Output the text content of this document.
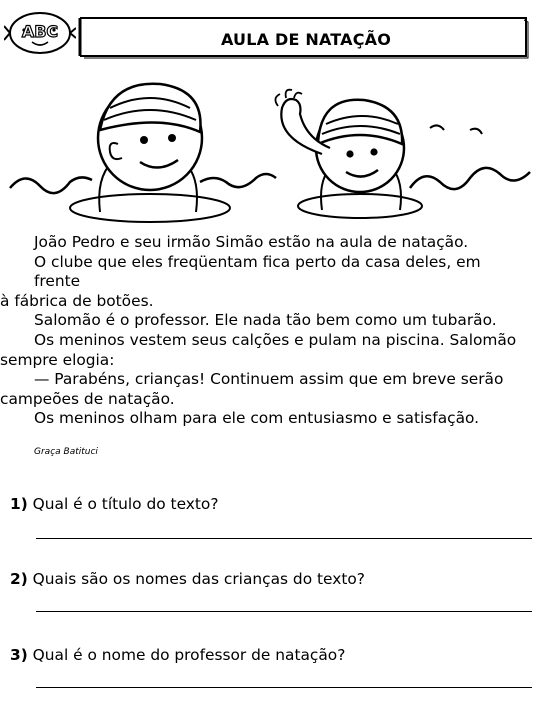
ABC	AULA DE NATAÇÃO

João Pedro e seu irmão Simão estão na aula de natação.

O clube que eles freqüentam fica perto da casa deles, em frente

à fábrica de botões.

Salomão é o professor. Ele nada tão bem como um tubarão.

Os meninos vestem seus calções e pulam na piscina. Salomão

sempre elogia:

— Parabéns, crianças! Continuem assim que em breve serão

campeões de natação.

Os meninos olham para ele com entusiasmo e satisfação.

Graça Batituci
1) Qual é o título do texto?
2) Quais são os nomes das crianças do texto?
3) Qual é o nome do professor de natação?
